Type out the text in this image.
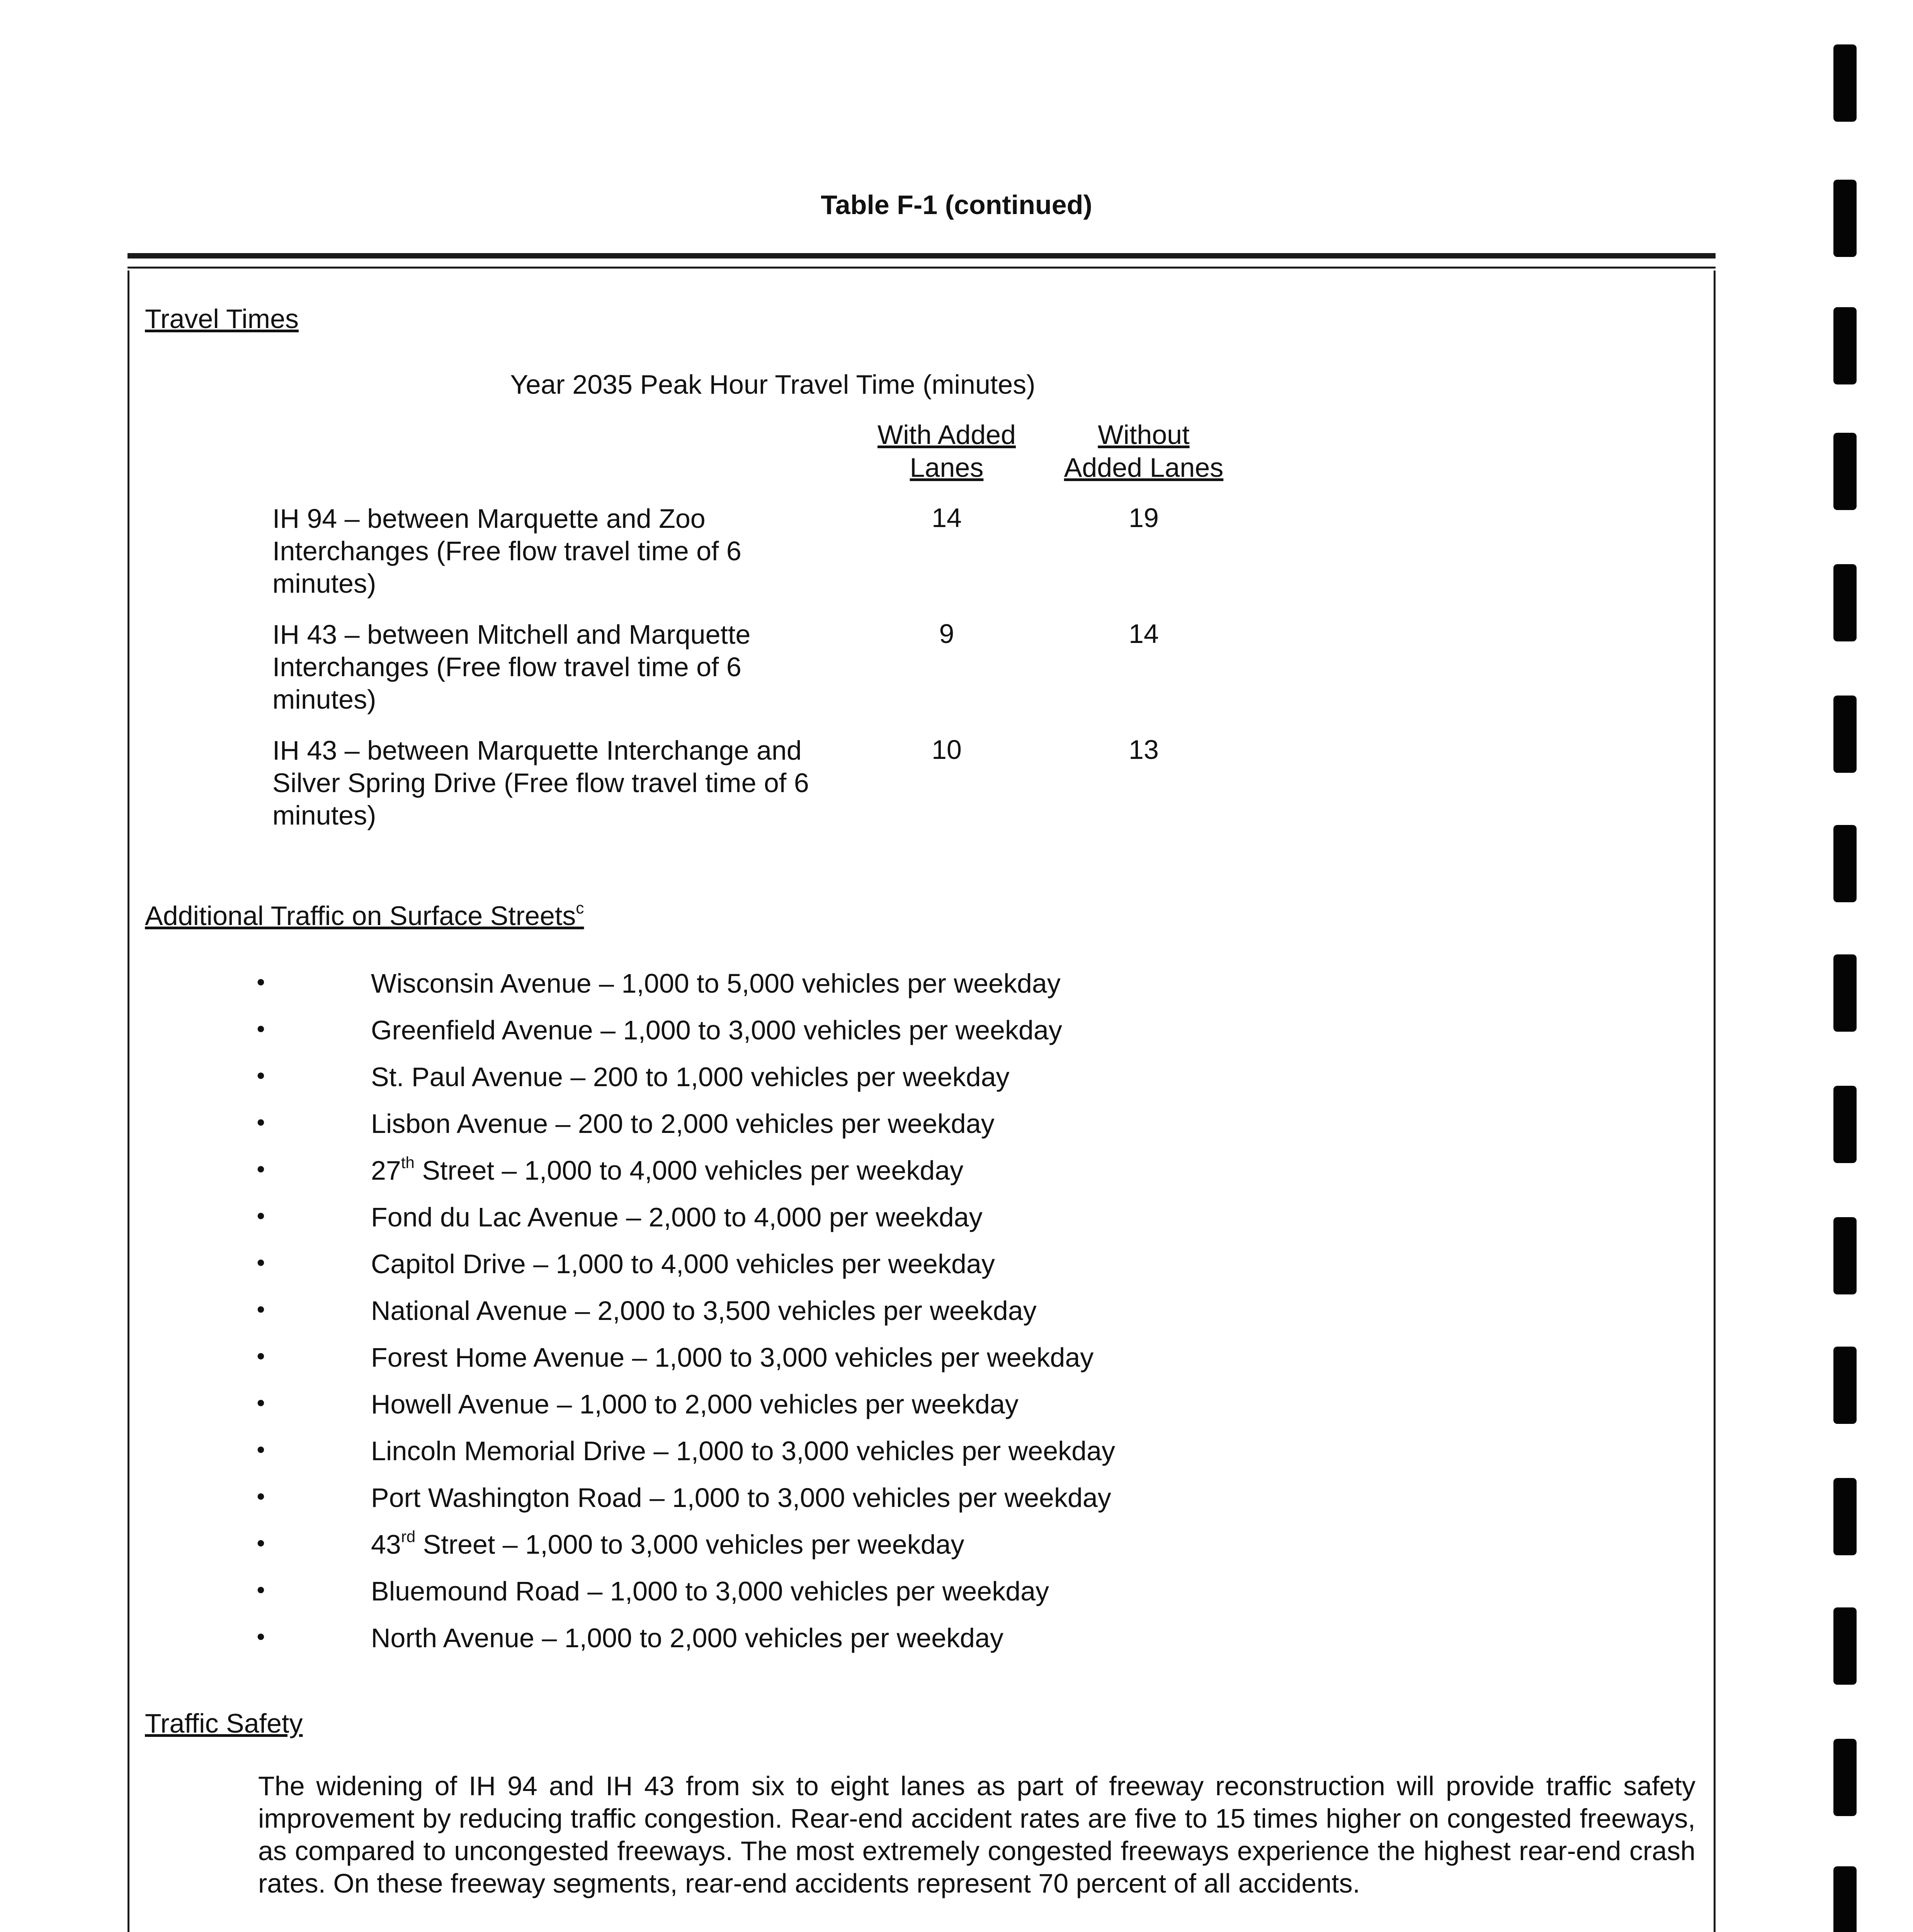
Table F-1 (continued)
Travel Times
Year 2035 Peak Hour Travel Time (minutes)
With Added
Lanes
Without
Added Lanes
IH 94 – between Marquette and Zoo Interchanges (Free flow travel time of 6 minutes)
14	19
IH 43 – between Mitchell and Marquette Interchanges (Free flow travel time of 6 minutes)
9	14
IH 43 – between Marquette Interchange and Silver Spring Drive (Free flow travel time of 6 minutes)
10	13
Additional Traffic on Surface Streets$^c$
Wisconsin Avenue – 1,000 to 5,000 vehicles per weekday
Greenfield Avenue – 1,000 to 3,000 vehicles per weekday
St. Paul Avenue – 200 to 1,000 vehicles per weekday
Lisbon Avenue – 200 to 2,000 vehicles per weekday
27th Street – 1,000 to 4,000 vehicles per weekday
Fond du Lac Avenue – 2,000 to 4,000 per weekday
Capitol Drive – 1,000 to 4,000 vehicles per weekday
National Avenue – 2,000 to 3,500 vehicles per weekday
Forest Home Avenue – 1,000 to 3,000 vehicles per weekday
Howell Avenue – 1,000 to 2,000 vehicles per weekday
Lincoln Memorial Drive – 1,000 to 3,000 vehicles per weekday
Port Washington Road – 1,000 to 3,000 vehicles per weekday
43rd Street – 1,000 to 3,000 vehicles per weekday
Bluemound Road – 1,000 to 3,000 vehicles per weekday
North Avenue – 1,000 to 2,000 vehicles per weekday
Traffic Safety
The widening of IH 94 and IH 43 from six to eight lanes as part of freeway reconstruction will provide traffic safety improvement by reducing traffic congestion. Rear-end accident rates are five to 15 times higher on congested freeways, as compared to uncongested freeways. The most extremely congested freeways experience the highest rear-end crash rates. On these freeway segments, rear-end accidents represent 70 percent of all accidents.
